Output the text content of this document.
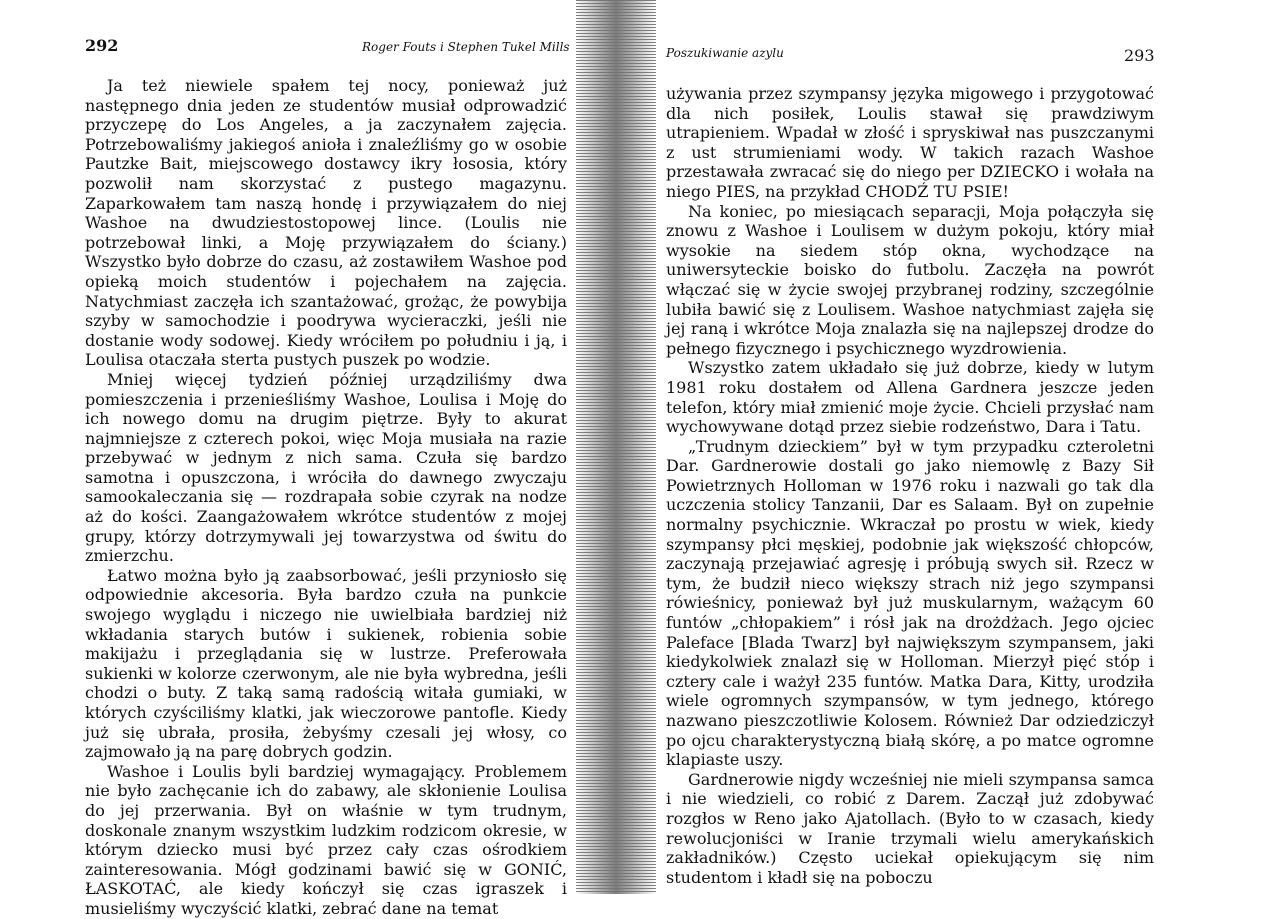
292	Roger Fouts i Stephen Tukel Mills

Ja też niewiele spałem tej nocy, ponieważ już następnego dnia jeden ze studentów musiał odprowadzić przyczepę do Los Angeles, a ja zaczynałem zajęcia. Potrzebowaliśmy jakiegoś anioła i znaleźliśmy go w osobie Pautzke Bait, miejscowego dostawcy ikry łososia, który pozwolił nam skorzystać z pustego magazynu. Zaparkowałem tam naszą hondę i przywiązałem do niej Washoe na dwudziestostopowej lince. (Loulis nie potrzebował linki, a Moję przywiązałem do ściany.) Wszystko było dobrze do czasu, aż zostawiłem Washoe pod opieką moich studentów i pojechałem na zajęcia. Natychmiast zaczęła ich szantażować, grożąc, że powybija szyby w samochodzie i poodrywa wycieraczki, jeśli nie dostanie wody sodowej. Kiedy wróciłem po południu i ją, i Loulisa otaczała sterta pustych puszek po wodzie.

Mniej więcej tydzień później urządziliśmy dwa pomieszczenia i przenieśliśmy Washoe, Loulisa i Moję do ich nowego domu na drugim piętrze. Były to akurat najmniejsze z czterech pokoi, więc Moja musiała na razie przebywać w jednym z nich sama. Czuła się bardzo samotna i opuszczona, i wróciła do dawnego zwyczaju samookaleczania się — rozdrapała sobie czyrak na nodze aż do kości. Zaangażowałem wkrótce studentów z mojej grupy, którzy dotrzymywali jej towarzystwa od świtu do zmierzchu.

Łatwo można było ją zaabsorbować, jeśli przyniosło się odpowiednie akcesoria. Była bardzo czuła na punkcie swojego wyglądu i niczego nie uwielbiała bardziej niż wkładania starych butów i sukienek, robienia sobie makijażu i przeglądania się w lustrze. Preferowała sukienki w kolorze czerwonym, ale nie była wybredna, jeśli chodzi o buty. Z taką samą radością witała gumiaki, w których czyściliśmy klatki, jak wieczorowe pantofle. Kiedy już się ubrała, prosiła, żebyśmy czesali jej włosy, co zajmowało ją na parę dobrych godzin.

Washoe i Loulis byli bardziej wymagający. Problemem nie było zachęcanie ich do zabawy, ale skłonienie Loulisa do jej przerwania. Był on właśnie w tym trudnym, doskonale znanym wszystkim ludzkim rodzicom okresie, w którym dziecko musi być przez cały czas ośrodkiem zainteresowania. Mógł godzinami bawić się w GONIĆ, ŁASKOTAĆ, ale kiedy kończył się czas igraszek i musieliśmy wyczyścić klatki, zebrać dane na temat

Poszukiwanie azylu	293

używania przez szympansy języka migowego i przygotować dla nich posiłek, Loulis stawał się prawdziwym utrapieniem. Wpadał w złość i spryskiwał nas puszczanymi z ust strumieniami wody. W takich razach Washoe przestawała zwracać się do niego per DZIECKO i wołała na niego PIES, na przykład CHODŹ TU PSIE!

Na koniec, po miesiącach separacji, Moja połączyła się znowu z Washoe i Loulisem w dużym pokoju, który miał wysokie na siedem stóp okna, wychodzące na uniwersyteckie boisko do futbolu. Zaczęła na powrót włączać się w życie swojej przybranej rodziny, szczególnie lubiła bawić się z Loulisem. Washoe natychmiast zajęła się jej raną i wkrótce Moja znalazła się na najlepszej drodze do pełnego fizycznego i psychicznego wyzdrowienia.

Wszystko zatem układało się już dobrze, kiedy w lutym 1981 roku dostałem od Allena Gardnera jeszcze jeden telefon, który miał zmienić moje życie. Chcieli przysłać nam wychowywane dotąd przez siebie rodzeństwo, Dara i Tatu.

„Trudnym dzieckiem” był w tym przypadku czteroletni Dar. Gardnerowie dostali go jako niemowlę z Bazy Sił Powietrznych Holloman w 1976 roku i nazwali go tak dla uczczenia stolicy Tanzanii, Dar es Salaam. Był on zupełnie normalny psychicznie. Wkraczał po prostu w wiek, kiedy szympansy płci męskiej, podobnie jak większość chłopców, zaczynają przejawiać agresję i próbują swych sił. Rzecz w tym, że budził nieco większy strach niż jego szympansi rówieśnicy, ponieważ był już muskularnym, ważącym 60 funtów „chłopakiem” i rósł jak na drożdżach. Jego ojciec Paleface [Blada Twarz] był największym szympansem, jaki kiedykolwiek znalazł się w Holloman. Mierzył pięć stóp i cztery cale i ważył 235 funtów. Matka Dara, Kitty, urodziła wiele ogromnych szympansów, w tym jednego, którego nazwano pieszczotliwie Kolosem. Również Dar odziedziczył po ojcu charakterystyczną białą skórę, a po matce ogromne klapiaste uszy.

Gardnerowie nigdy wcześniej nie mieli szympansa samca i nie wiedzieli, co robić z Darem. Zaczął już zdobywać rozgłos w Reno jako Ajatollach. (Było to w czasach, kiedy rewolucjoniści w Iranie trzymali wielu amerykańskich zakładników.) Często uciekał opiekującym się nim studentom i kładł się na poboczu
